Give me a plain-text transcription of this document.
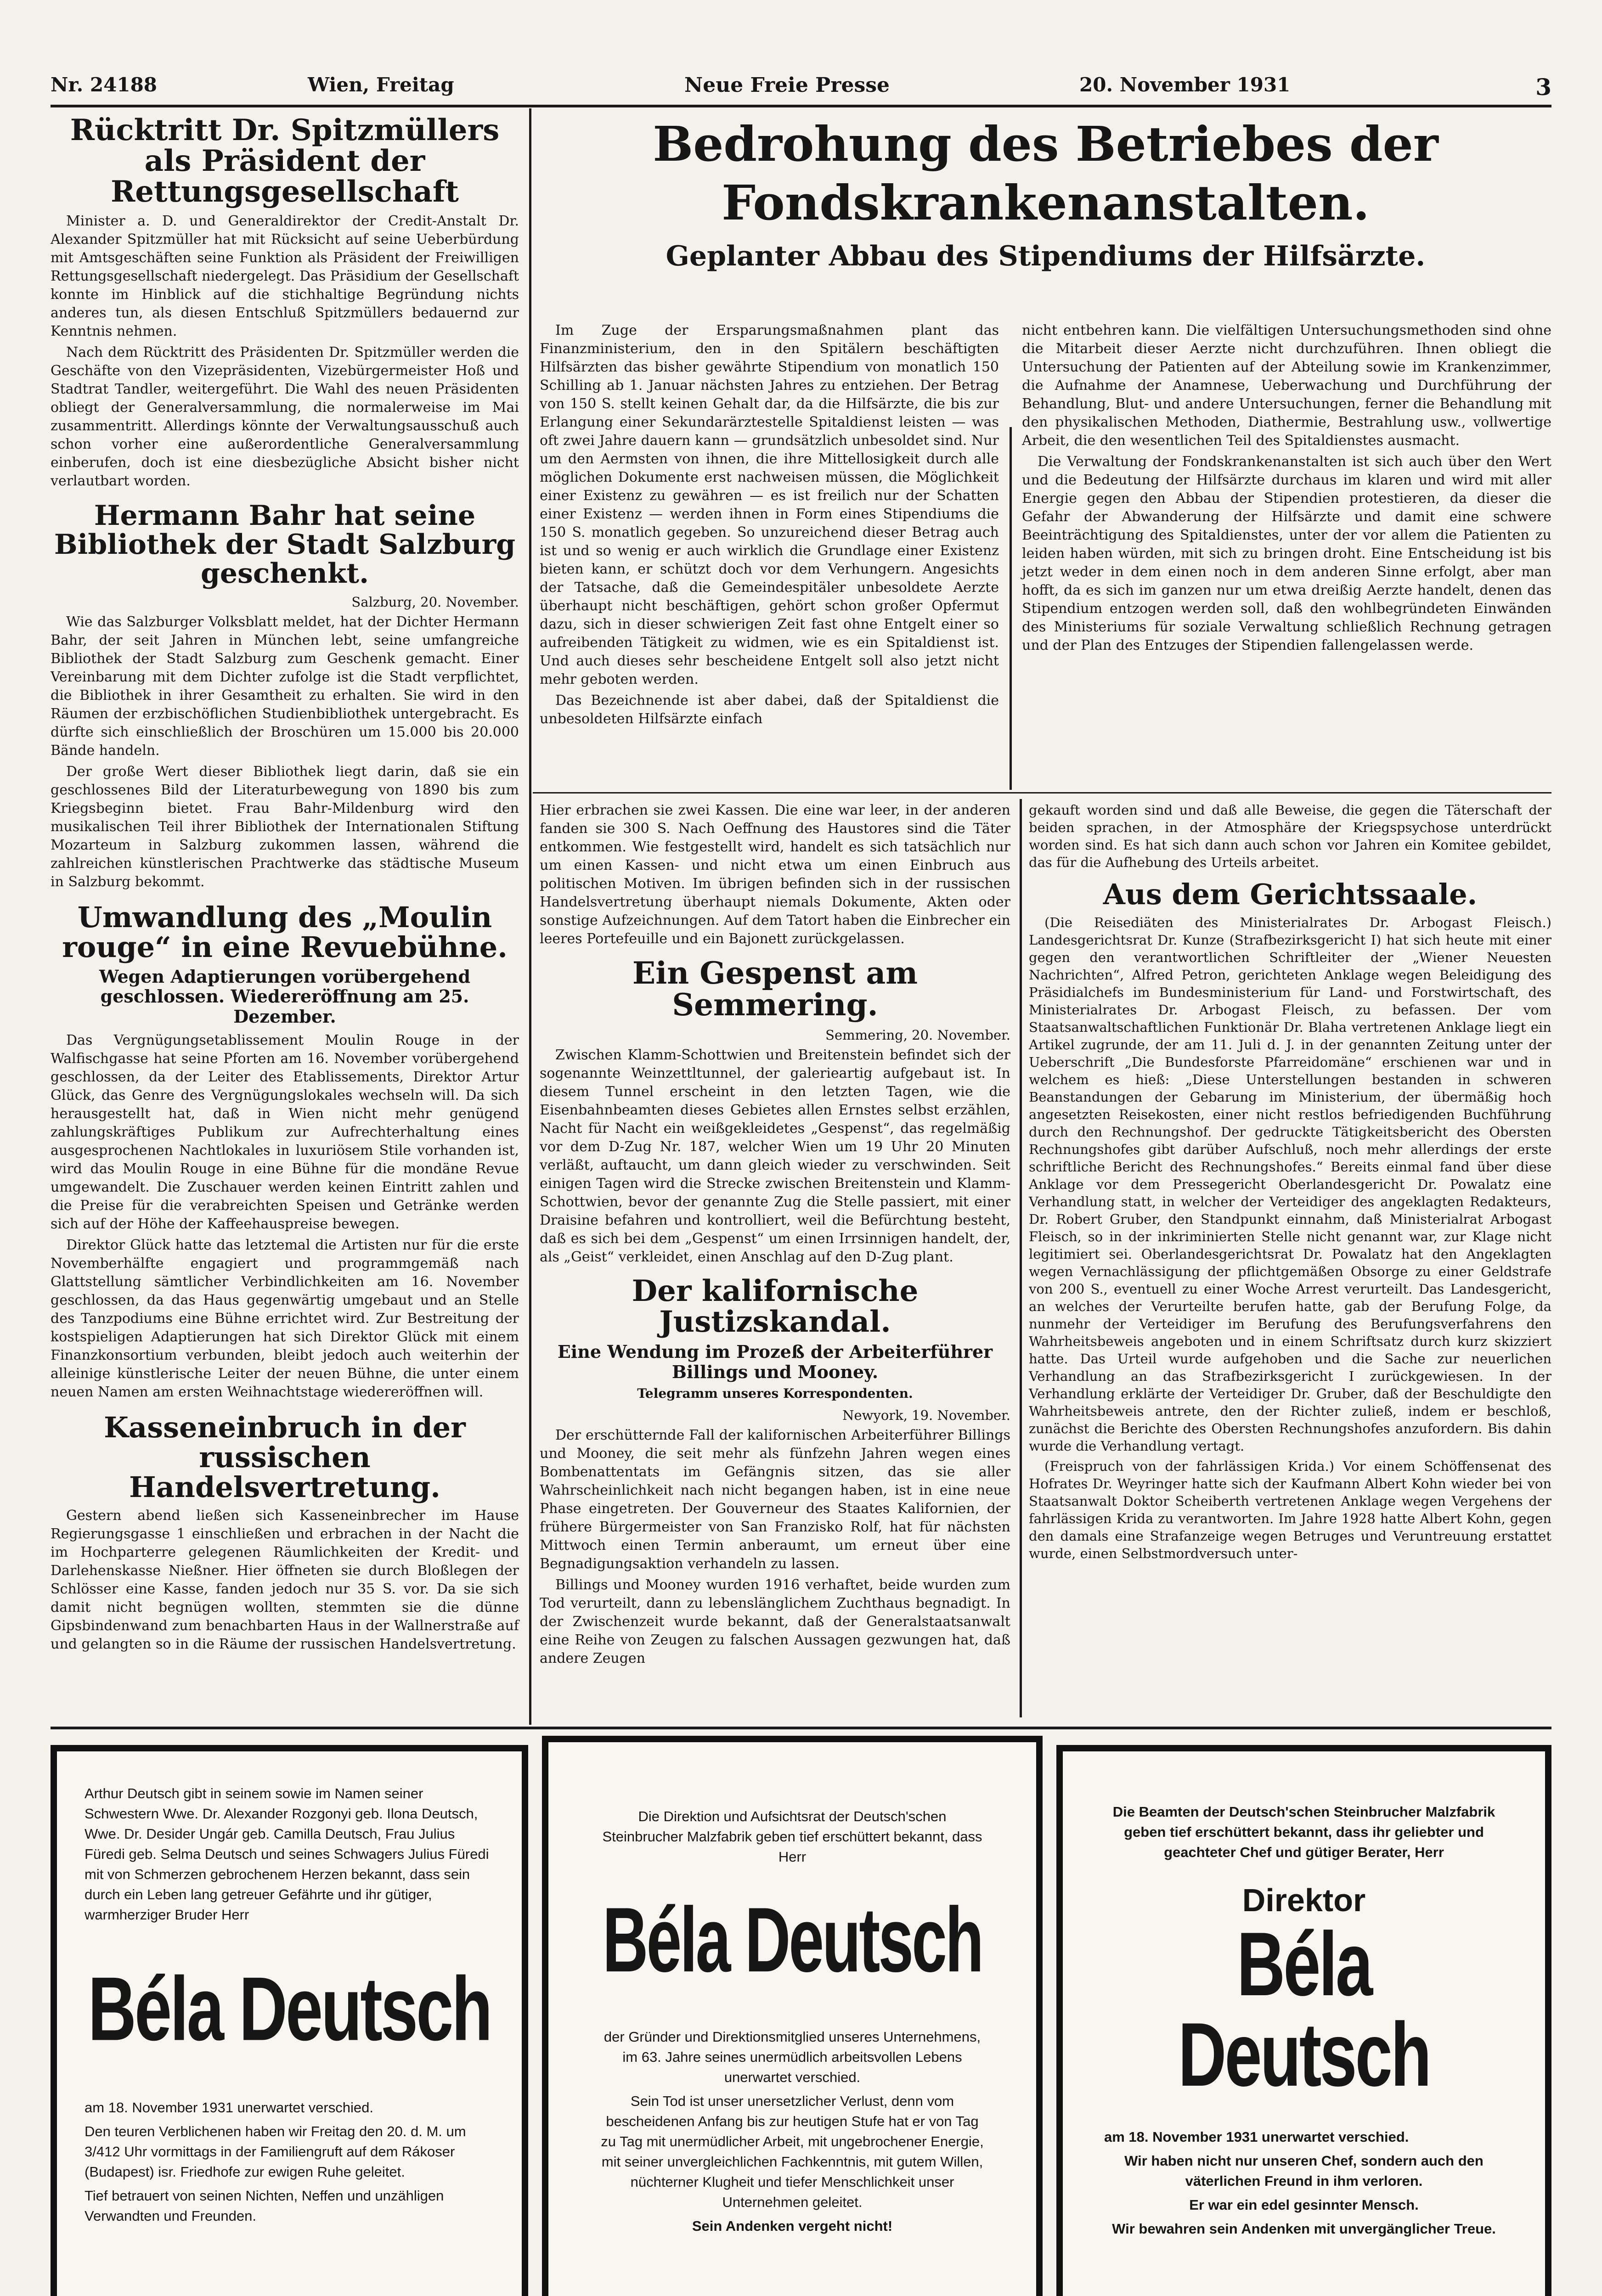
Nr. 24188	Wien, Freitag	Neue Freie Presse	20. November 1931	3
Rücktritt Dr. Spitzmüllers als Präsident der Rettungsgesellschaft

Minister a. D. und Generaldirektor der Credit-Anstalt Dr. Alexander Spitzmüller hat mit Rücksicht auf seine Ueberbürdung mit Amtsgeschäften seine Funktion als Präsident der Freiwilligen Rettungsgesellschaft niedergelegt. Das Präsidium der Gesellschaft konnte im Hinblick auf die stichhaltige Begründung nichts anderes tun, als diesen Entschluß Spitzmüllers bedauernd zur Kenntnis nehmen.

Nach dem Rücktritt des Präsidenten Dr. Spitzmüller werden die Geschäfte von den Vizepräsidenten, Vizebürgermeister Hoß und Stadtrat Tandler, weitergeführt. Die Wahl des neuen Präsidenten obliegt der Generalversammlung, die normalerweise im Mai zusammentritt. Allerdings könnte der Verwaltungsausschuß auch schon vorher eine außerordentliche Generalversammlung einberufen, doch ist eine diesbezügliche Absicht bisher nicht verlautbart worden.

Hermann Bahr hat seine Bibliothek der Stadt Salzburg geschenkt.
Salzburg, 20. November.

Wie das Salzburger Volksblatt meldet, hat der Dichter Hermann Bahr, der seit Jahren in München lebt, seine umfangreiche Bibliothek der Stadt Salzburg zum Geschenk gemacht. Einer Vereinbarung mit dem Dichter zufolge ist die Stadt verpflichtet, die Bibliothek in ihrer Gesamtheit zu erhalten. Sie wird in den Räumen der erzbischöflichen Studienbibliothek untergebracht. Es dürfte sich einschließlich der Broschüren um 15.000 bis 20.000 Bände handeln.

Der große Wert dieser Bibliothek liegt darin, daß sie ein geschlossenes Bild der Literaturbewegung von 1890 bis zum Kriegsbeginn bietet. Frau Bahr-Mildenburg wird den musikalischen Teil ihrer Bibliothek der Internationalen Stiftung Mozarteum in Salzburg zukommen lassen, während die zahlreichen künstlerischen Prachtwerke das städtische Museum in Salzburg bekommt.

Umwandlung des „Moulin rouge“ in eine Revuebühne.
Wegen Adaptierungen vorübergehend geschlossen. Wiedereröffnung am 25. Dezember.

Das Vergnügungsetablissement Moulin Rouge in der Walfischgasse hat seine Pforten am 16. November vorübergehend geschlossen, da der Leiter des Etablissements, Direktor Artur Glück, das Genre des Vergnügungslokales wechseln will. Da sich herausgestellt hat, daß in Wien nicht mehr genügend zahlungskräftiges Publikum zur Aufrechterhaltung eines ausgesprochenen Nachtlokales in luxuriösem Stile vorhanden ist, wird das Moulin Rouge in eine Bühne für die mondäne Revue umgewandelt. Die Zuschauer werden keinen Eintritt zahlen und die Preise für die verabreichten Speisen und Getränke werden sich auf der Höhe der Kaffeehauspreise bewegen.

Direktor Glück hatte das letztemal die Artisten nur für die erste Novemberhälfte engagiert und programmgemäß nach Glattstellung sämtlicher Verbindlichkeiten am 16. November geschlossen, da das Haus gegenwärtig umgebaut und an Stelle des Tanzpodiums eine Bühne errichtet wird. Zur Bestreitung der kostspieligen Adaptierungen hat sich Direktor Glück mit einem Finanzkonsortium verbunden, bleibt jedoch auch weiterhin der alleinige künstlerische Leiter der neuen Bühne, die unter einem neuen Namen am ersten Weihnachtstage wiedereröffnen will.

Kasseneinbruch in der russischen Handelsvertretung.

Gestern abend ließen sich Kasseneinbrecher im Hause Regierungsgasse 1 einschließen und erbrachen in der Nacht die im Hochparterre gelegenen Räumlichkeiten der Kredit- und Darlehenskasse Nießner. Hier öffneten sie durch Bloßlegen der Schlösser eine Kasse, fanden jedoch nur 35 S. vor. Da sie sich damit nicht begnügen wollten, stemmten sie die dünne Gipsbindenwand zum benachbarten Haus in der Wallnerstraße auf und gelangten so in die Räume der russischen Handelsvertretung.

Bedrohung des Betriebes der Fondskrankenanstalten.
Geplanter Abbau des Stipendiums der Hilfsärzte.

Im Zuge der Ersparungsmaßnahmen plant das Finanzministerium, den in den Spitälern beschäftigten Hilfsärzten das bisher gewährte Stipendium von monatlich 150 Schilling ab 1. Januar nächsten Jahres zu entziehen. Der Betrag von 150 S. stellt keinen Gehalt dar, da die Hilfsärzte, die bis zur Erlangung einer Sekundarärztestelle Spitaldienst leisten — was oft zwei Jahre dauern kann — grundsätzlich unbesoldet sind. Nur um den Aermsten von ihnen, die ihre Mittellosigkeit durch alle möglichen Dokumente erst nachweisen müssen, die Möglichkeit einer Existenz zu gewähren — es ist freilich nur der Schatten einer Existenz — werden ihnen in Form eines Stipendiums die 150 S. monatlich gegeben. So unzureichend dieser Betrag auch ist und so wenig er auch wirklich die Grundlage einer Existenz bieten kann, er schützt doch vor dem Verhungern. Angesichts der Tatsache, daß die Gemeindespitäler unbesoldete Aerzte überhaupt nicht beschäftigen, gehört schon großer Opfermut dazu, sich in dieser schwierigen Zeit fast ohne Entgelt einer so aufreibenden Tätigkeit zu widmen, wie es ein Spitaldienst ist. Und auch dieses sehr bescheidene Entgelt soll also jetzt nicht mehr geboten werden.

Das Bezeichnende ist aber dabei, daß der Spitaldienst die unbesoldeten Hilfsärzte einfach

nicht entbehren kann. Die vielfältigen Untersuchungsmethoden sind ohne die Mitarbeit dieser Aerzte nicht durchzuführen. Ihnen obliegt die Untersuchung der Patienten auf der Abteilung sowie im Krankenzimmer, die Aufnahme der Anamnese, Ueberwachung und Durchführung der Behandlung, Blut- und andere Untersuchungen, ferner die Behandlung mit den physikalischen Methoden, Diathermie, Bestrahlung usw., vollwertige Arbeit, die den wesentlichen Teil des Spitaldienstes ausmacht.

Die Verwaltung der Fondskrankenanstalten ist sich auch über den Wert und die Bedeutung der Hilfsärzte durchaus im klaren und wird mit aller Energie gegen den Abbau der Stipendien protestieren, da dieser die Gefahr der Abwanderung der Hilfsärzte und damit eine schwere Beeinträchtigung des Spitaldienstes, unter der vor allem die Patienten zu leiden haben würden, mit sich zu bringen droht. Eine Entscheidung ist bis jetzt weder in dem einen noch in dem anderen Sinne erfolgt, aber man hofft, da es sich im ganzen nur um etwa dreißig Aerzte handelt, denen das Stipendium entzogen werden soll, daß den wohlbegründeten Einwänden des Ministeriums für soziale Verwaltung schließlich Rechnung getragen und der Plan des Entzuges der Stipendien fallengelassen werde.

Hier erbrachen sie zwei Kassen. Die eine war leer, in der anderen fanden sie 300 S. Nach Oeffnung des Haustores sind die Täter entkommen. Wie festgestellt wird, handelt es sich tatsächlich nur um einen Kassen- und nicht etwa um einen Einbruch aus politischen Motiven. Im übrigen befinden sich in der russischen Handelsvertretung überhaupt niemals Dokumente, Akten oder sonstige Aufzeichnungen. Auf dem Tatort haben die Einbrecher ein leeres Portefeuille und ein Bajonett zurückgelassen.

Ein Gespenst am Semmering.
Semmering, 20. November.

Zwischen Klamm-Schottwien und Breitenstein befindet sich der sogenannte Weinzettltunnel, der galerieartig aufgebaut ist. In diesem Tunnel erscheint in den letzten Tagen, wie die Eisenbahnbeamten dieses Gebietes allen Ernstes selbst erzählen, Nacht für Nacht ein weißgekleidetes „Gespenst“, das regelmäßig vor dem D-Zug Nr. 187, welcher Wien um 19 Uhr 20 Minuten verläßt, auftaucht, um dann gleich wieder zu verschwinden. Seit einigen Tagen wird die Strecke zwischen Breitenstein und Klamm-Schottwien, bevor der genannte Zug die Stelle passiert, mit einer Draisine befahren und kontrolliert, weil die Befürchtung besteht, daß es sich bei dem „Gespenst“ um einen Irrsinnigen handelt, der, als „Geist“ verkleidet, einen Anschlag auf den D-Zug plant.

Der kalifornische Justizskandal.
Eine Wendung im Prozeß der Arbeiterführer Billings und Mooney.
Telegramm unseres Korrespondenten.
Newyork, 19. November.

Der erschütternde Fall der kalifornischen Arbeiterführer Billings und Mooney, die seit mehr als fünfzehn Jahren wegen eines Bombenattentats im Gefängnis sitzen, das sie aller Wahrscheinlichkeit nach nicht begangen haben, ist in eine neue Phase eingetreten. Der Gouverneur des Staates Kalifornien, der frühere Bürgermeister von San Franzisko Rolf, hat für nächsten Mittwoch einen Termin anberaumt, um erneut über eine Begnadigungsaktion verhandeln zu lassen.

Billings und Mooney wurden 1916 verhaftet, beide wurden zum Tod verurteilt, dann zu lebenslänglichem Zuchthaus begnadigt. In der Zwischenzeit wurde bekannt, daß der Generalstaatsanwalt eine Reihe von Zeugen zu falschen Aussagen gezwungen hat, daß andere Zeugen

gekauft worden sind und daß alle Beweise, die gegen die Täterschaft der beiden sprachen, in der Atmosphäre der Kriegspsychose unterdrückt worden sind. Es hat sich dann auch schon vor Jahren ein Komitee gebildet, das für die Aufhebung des Urteils arbeitet.

Aus dem Gerichtssaale.

(Die Reisediäten des Ministerialrates Dr. Arbogast Fleisch.) Landesgerichtsrat Dr. Kunze (Strafbezirksgericht I) hat sich heute mit einer gegen den verantwortlichen Schriftleiter der „Wiener Neuesten Nachrichten“, Alfred Petron, gerichteten Anklage wegen Beleidigung des Präsidialchefs im Bundesministerium für Land- und Forstwirtschaft, des Ministerialrates Dr. Arbogast Fleisch, zu befassen. Der vom Staatsanwaltschaftlichen Funktionär Dr. Blaha vertretenen Anklage liegt ein Artikel zugrunde, der am 11. Juli d. J. in der genannten Zeitung unter der Ueberschrift „Die Bundesforste Pfarreidomäne“ erschienen war und in welchem es hieß: „Diese Unterstellungen bestanden in schweren Beanstandungen der Gebarung im Ministerium, der übermäßig hoch angesetzten Reisekosten, einer nicht restlos befriedigenden Buchführung durch den Rechnungshof. Der gedruckte Tätigkeitsbericht des Obersten Rechnungshofes gibt darüber Aufschluß, noch mehr allerdings der erste schriftliche Bericht des Rechnungshofes.“ Bereits einmal fand über diese Anklage vor dem Pressegericht Oberlandesgericht Dr. Powalatz eine Verhandlung statt, in welcher der Verteidiger des angeklagten Redakteurs, Dr. Robert Gruber, den Standpunkt einnahm, daß Ministerialrat Arbogast Fleisch, so in der inkriminierten Stelle nicht genannt war, zur Klage nicht legitimiert sei. Oberlandesgerichtsrat Dr. Powalatz hat den Angeklagten wegen Vernachlässigung der pflichtgemäßen Obsorge zu einer Geldstrafe von 200 S., eventuell zu einer Woche Arrest verurteilt. Das Landesgericht, an welches der Verurteilte berufen hatte, gab der Berufung Folge, da nunmehr der Verteidiger im Berufung des Berufungsverfahrens den Wahrheitsbeweis angeboten und in einem Schriftsatz durch kurz skizziert hatte. Das Urteil wurde aufgehoben und die Sache zur neuerlichen Verhandlung an das Strafbezirksgericht I zurückgewiesen. In der Verhandlung erklärte der Verteidiger Dr. Gruber, daß der Beschuldigte den Wahrheitsbeweis antrete, den der Richter zuließ, indem er beschloß, zunächst die Berichte des Obersten Rechnungshofes anzufordern. Bis dahin wurde die Verhandlung vertagt.

(Freispruch von der fahrlässigen Krida.) Vor einem Schöffensenat des Hofrates Dr. Weyringer hatte sich der Kaufmann Albert Kohn wieder bei von Staatsanwalt Doktor Scheiberth vertretenen Anklage wegen Vergehens der fahrlässigen Krida zu verantworten. Im Jahre 1928 hatte Albert Kohn, gegen den damals eine Strafanzeige wegen Betruges und Veruntreuung erstattet wurde, einen Selbstmordversuch unter-

Arthur Deutsch gibt in seinem sowie im Namen seiner Schwestern Wwe. Dr. Alexander Rozgonyi geb. Ilona Deutsch, Wwe. Dr. Desider Ungár geb. Camilla Deutsch, Frau Julius Füredi geb. Selma Deutsch und seines Schwagers Julius Füredi mit von Schmerzen gebrochenem Herzen bekannt, dass sein durch ein Leben lang getreuer Gefährte und ihr gütiger, warmherziger Bruder Herr

Béla Deutsch

am 18. November 1931 unerwartet verschied.

Den teuren Verblichenen haben wir Freitag den 20. d. M. um 3/412 Uhr vormittags in der Familiengruft auf dem Rákoser (Budapest) isr. Friedhofe zur ewigen Ruhe geleitet.

Tief betrauert von seinen Nichten, Neffen und unzähligen Verwandten und Freunden.

Die Direktion und Aufsichtsrat der Deutsch'schen Steinbrucher Malzfabrik geben tief erschüttert bekannt, dass Herr

Béla Deutsch

der Gründer und Direktionsmitglied unseres Unternehmens, im 63. Jahre seines unermüdlich arbeitsvollen Lebens unerwartet verschied.

Sein Tod ist unser unersetzlicher Verlust, denn vom bescheidenen Anfang bis zur heutigen Stufe hat er von Tag zu Tag mit unermüdlicher Arbeit, mit ungebrochener Energie, mit seiner unvergleichlichen Fachkenntnis, mit gutem Willen, nüchterner Klugheit und tiefer Menschlichkeit unser Unternehmen geleitet.

Sein Andenken vergeht nicht!

Die Beamten der Deutsch'schen Steinbrucher Malzfabrik geben tief erschüttert bekannt, dass ihr geliebter und geachteter Chef und gütiger Berater, Herr

Direktor
Béla Deutsch

am 18. November 1931 unerwartet verschied.

Wir haben nicht nur unseren Chef, sondern auch den väterlichen Freund in ihm verloren.

Er war ein edel gesinnter Mensch.

Wir bewahren sein Andenken mit unvergänglicher Treue.
